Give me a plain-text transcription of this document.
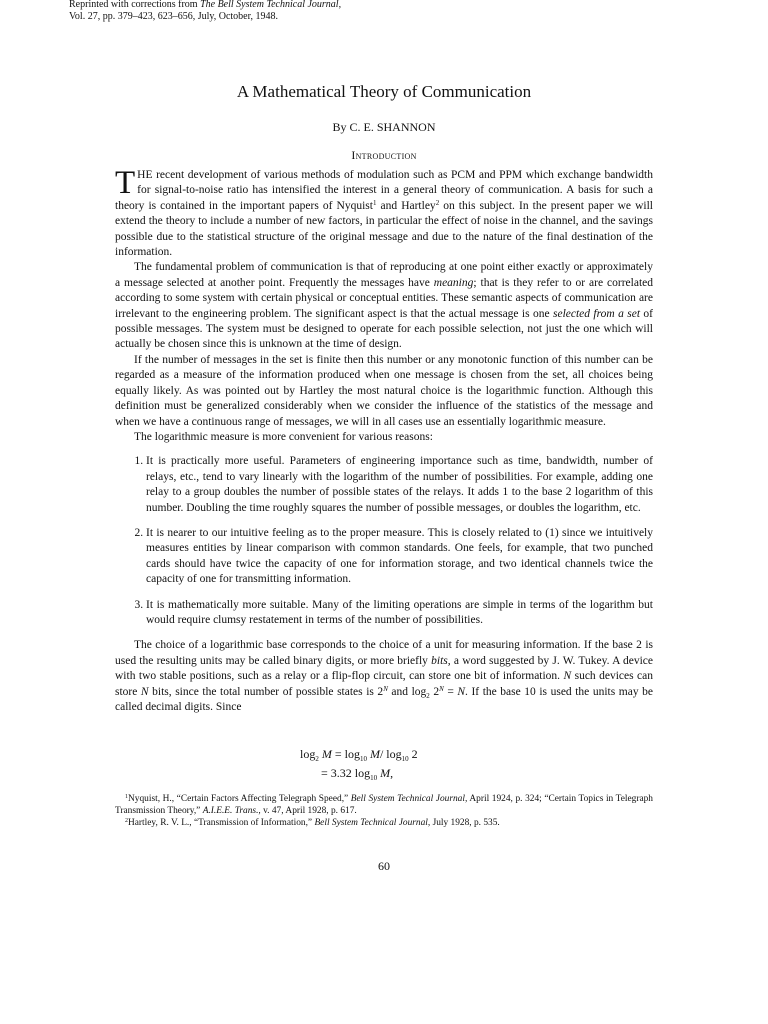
Reprinted with corrections from The Bell System Technical Journal,
Vol. 27, pp. 379–423, 623–656, July, October, 1948.
A Mathematical Theory of Communication
By C. E. SHANNON
Introduction

THE recent development of various methods of modulation such as PCM and PPM which exchange bandwidth for signal-to-noise ratio has intensified the interest in a general theory of communication. A basis for such a theory is contained in the important papers of Nyquist$^1$ and Hartley$^2$ on this subject. In the present paper we will extend the theory to include a number of new factors, in particular the effect of noise in the channel, and the savings possible due to the statistical structure of the original message and due to the nature of the final destination of the information.

The fundamental problem of communication is that of reproducing at one point either exactly or approximately a message selected at another point. Frequently the messages have meaning; that is they refer to or are correlated according to some system with certain physical or conceptual entities. These semantic aspects of communication are irrelevant to the engineering problem. The significant aspect is that the actual message is one selected from a set of possible messages. The system must be designed to operate for each possible selection, not just the one which will actually be chosen since this is unknown at the time of design.

If the number of messages in the set is finite then this number or any monotonic function of this number can be regarded as a measure of the information produced when one message is chosen from the set, all choices being equally likely. As was pointed out by Hartley the most natural choice is the logarithmic function. Although this definition must be generalized considerably when we consider the influence of the statistics of the message and when we have a continuous range of messages, we will in all cases use an essentially logarithmic measure.

The logarithmic measure is more convenient for various reasons:

1. It is practically more useful. Parameters of engineering importance such as time, bandwidth, number of relays, etc., tend to vary linearly with the logarithm of the number of possibilities. For example, adding one relay to a group doubles the number of possible states of the relays. It adds 1 to the base 2 logarithm of this number. Doubling the time roughly squares the number of possible messages, or doubles the logarithm, etc.
2. It is nearer to our intuitive feeling as to the proper measure. This is closely related to (1) since we intuitively measures entities by linear comparison with common standards. One feels, for example, that two punched cards should have twice the capacity of one for information storage, and two identical channels twice the capacity of one for transmitting information.
3. It is mathematically more suitable. Many of the limiting operations are simple in terms of the logarithm but would require clumsy restatement in terms of the number of possibilities.

The choice of a logarithmic base corresponds to the choice of a unit for measuring information. If the base 2 is used the resulting units may be called binary digits, or more briefly bits, a word suggested by J. W. Tukey. A device with two stable positions, such as a relay or a flip-flop circuit, can store one bit of information. N such devices can store N bits, since the total number of possible states is $2^N$ and $\log_2 2^N = N$. If the base 10 is used the units may be called decimal digits. Since

$\log_2 M = \log_{10} M/$ $\log_{10} 2$
= 3.32 $\log_{10} M$,

$^1$Nyquist, H., “Certain Factors Affecting Telegraph Speed,” Bell System Technical Journal, April 1924, p. 324; “Certain Topics in Telegraph Transmission Theory,” A.I.E.E. Trans., v. 47, April 1928, p. 617.

$^2$Hartley, R. V. L., “Transmission of Information,” Bell System Technical Journal, July 1928, p. 535.

60
